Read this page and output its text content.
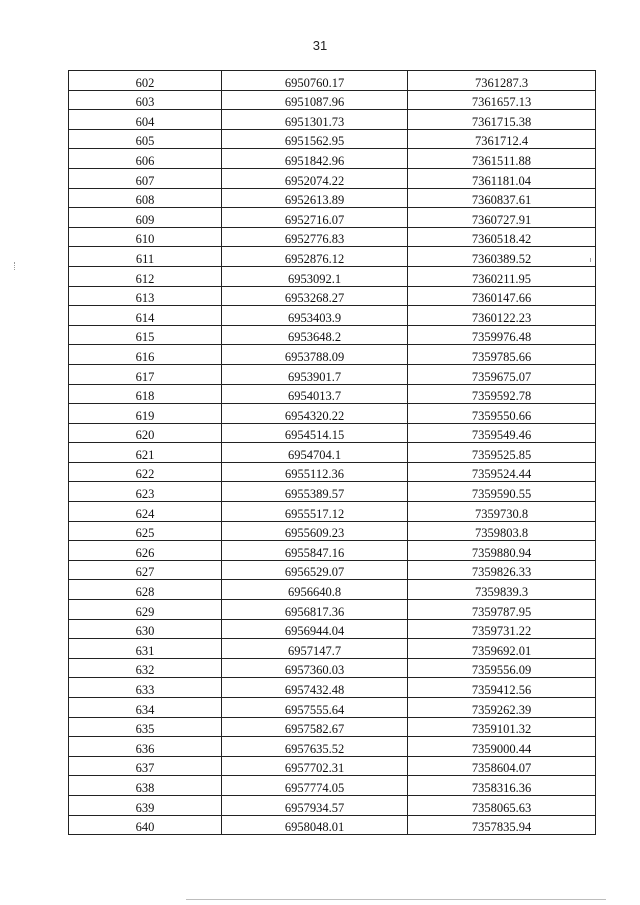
31
602	6950760.17	7361287.3
603	6951087.96	7361657.13
604	6951301.73	7361715.38
605	6951562.95	7361712.4
606	6951842.96	7361511.88
607	6952074.22	7361181.04
608	6952613.89	7360837.61
609	6952716.07	7360727.91
610	6952776.83	7360518.42
611	6952876.12	7360389.52
612	6953092.1	7360211.95
613	6953268.27	7360147.66
614	6953403.9	7360122.23
615	6953648.2	7359976.48
616	6953788.09	7359785.66
617	6953901.7	7359675.07
618	6954013.7	7359592.78
619	6954320.22	7359550.66
620	6954514.15	7359549.46
621	6954704.1	7359525.85
622	6955112.36	7359524.44
623	6955389.57	7359590.55
624	6955517.12	7359730.8
625	6955609.23	7359803.8
626	6955847.16	7359880.94
627	6956529.07	7359826.33
628	6956640.8	7359839.3
629	6956817.36	7359787.95
630	6956944.04	7359731.22
631	6957147.7	7359692.01
632	6957360.03	7359556.09
633	6957432.48	7359412.56
634	6957555.64	7359262.39
635	6957582.67	7359101.32
636	6957635.52	7359000.44
637	6957702.31	7358604.07
638	6957774.05	7358316.36
639	6957934.57	7358065.63
640	6958048.01	7357835.94
